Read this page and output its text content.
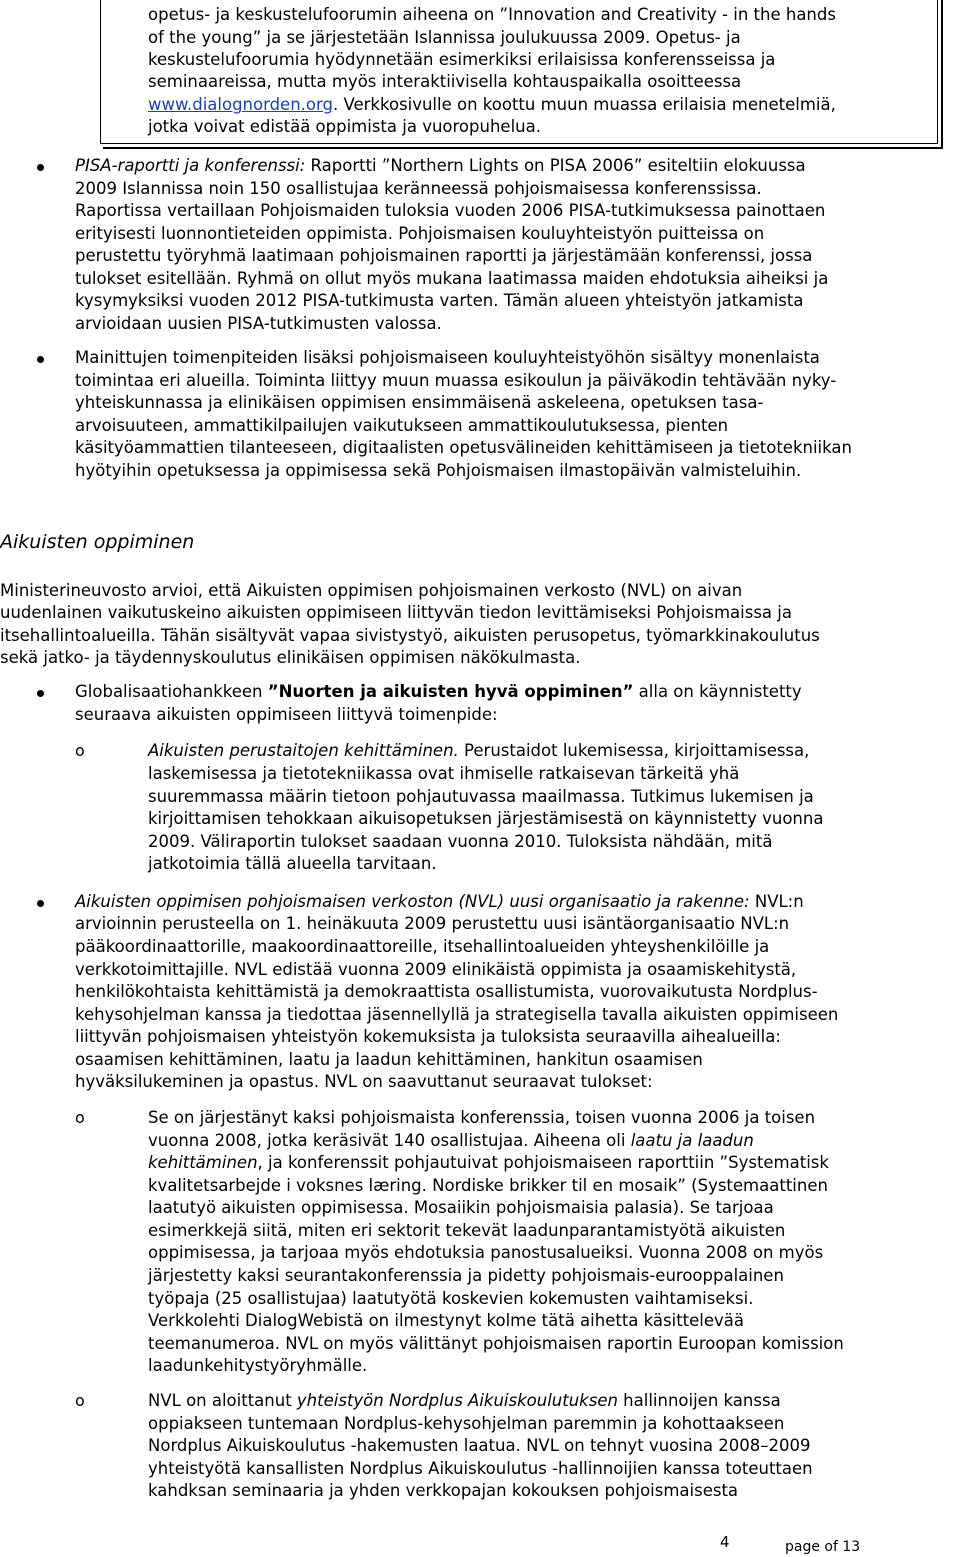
opetus- ja keskustelufoorumin aiheena on ”Innovation and Creativity - in the hands
of the young” ja se järjestetään Islannissa joulukuussa 2009. Opetus- ja
keskustelufoorumia hyödynnetään esimerkiksi erilaisissa konferensseissa ja
seminaareissa, mutta myös interaktiivisella kohtauspaikalla osoitteessa
www.dialognorden.org. Verkkosivulle on koottu muun muassa erilaisia menetelmiä,
jotka voivat edistää oppimista ja vuoropuhelua.
PISA-raportti ja konferenssi: Raportti ”Northern Lights on PISA 2006” esiteltiin elokuussa
2009 Islannissa noin 150 osallistujaa keränneessä pohjoismaisessa konferenssissa.
Raportissa vertaillaan Pohjoismaiden tuloksia vuoden 2006 PISA-tutkimuksessa painottaen
erityisesti luonnontieteiden oppimista. Pohjoismaisen kouluyhteistyön puitteissa on
perustettu työryhmä laatimaan pohjoismainen raportti ja järjestämään konferenssi, jossa
tulokset esitellään. Ryhmä on ollut myös mukana laatimassa maiden ehdotuksia aiheiksi ja
kysymyksiksi vuoden 2012 PISA-tutkimusta varten. Tämän alueen yhteistyön jatkamista
arvioidaan uusien PISA-tutkimusten valossa.
Mainittujen toimenpiteiden lisäksi pohjoismaiseen kouluyhteistyöhön sisältyy monenlaista
toimintaa eri alueilla. Toiminta liittyy muun muassa esikoulun ja päiväkodin tehtävään nyky-
yhteiskunnassa ja elinikäisen oppimisen ensimmäisenä askeleena, opetuksen tasa-
arvoisuuteen, ammattikilpailujen vaikutukseen ammattikoulutuksessa, pienten
käsityöammattien tilanteeseen, digitaalisten opetusvälineiden kehittämiseen ja tietotekniikan
hyötyihin opetuksessa ja oppimisessa sekä Pohjoismaisen ilmastopäivän valmisteluihin.
Aikuisten oppiminen
Ministerineuvosto arvioi, että Aikuisten oppimisen pohjoismainen verkosto (NVL) on aivan
uudenlainen vaikutuskeino aikuisten oppimiseen liittyvän tiedon levittämiseksi Pohjoismaissa ja
itsehallintoalueilla. Tähän sisältyvät vapaa sivistystyö, aikuisten perusopetus, työmarkkinakoulutus
sekä jatko- ja täydennyskoulutus elinikäisen oppimisen näkökulmasta.
Globalisaatiohankkeen ”Nuorten ja aikuisten hyvä oppiminen” alla on käynnistetty
seuraava aikuisten oppimiseen liittyvä toimenpide:
o	Aikuisten perustaitojen kehittäminen. Perustaidot lukemisessa, kirjoittamisessa,
laskemisessa ja tietotekniikassa ovat ihmiselle ratkaisevan tärkeitä yhä
suuremmassa määrin tietoon pohjautuvassa maailmassa. Tutkimus lukemisen ja
kirjoittamisen tehokkaan aikuisopetuksen järjestämisestä on käynnistetty vuonna
2009. Väliraportin tulokset saadaan vuonna 2010. Tuloksista nähdään, mitä
jatkotoimia tällä alueella tarvitaan.
Aikuisten oppimisen pohjoismaisen verkoston (NVL) uusi organisaatio ja rakenne: NVL:n
arvioinnin perusteella on 1. heinäkuuta 2009 perustettu uusi isäntäorganisaatio NVL:n
pääkoordinaattorille, maakoordinaattoreille, itsehallintoalueiden yhteyshenkilöille ja
verkkotoimittajille. NVL edistää vuonna 2009 elinikäistä oppimista ja osaamiskehitystä,
henkilökohtaista kehittämistä ja demokraattista osallistumista, vuorovaikutusta Nordplus-
kehysohjelman kanssa ja tiedottaa jäsennellyllä ja strategisella tavalla aikuisten oppimiseen
liittyvän pohjoismaisen yhteistyön kokemuksista ja tuloksista seuraavilla aihealueilla:
osaamisen kehittäminen, laatu ja laadun kehittäminen, hankitun osaamisen
hyväksilukeminen ja opastus. NVL on saavuttanut seuraavat tulokset:
o	Se on järjestänyt kaksi pohjoismaista konferenssia, toisen vuonna 2006 ja toisen
vuonna 2008, jotka keräsivät 140 osallistujaa. Aiheena oli laatu ja laadun
kehittäminen, ja konferenssit pohjautuivat pohjoismaiseen raporttiin ”Systematisk
kvalitetsarbejde i voksnes læring. Nordiske brikker til en mosaik” (Systemaattinen
laatutyö aikuisten oppimisessa. Mosaiikin pohjoismaisia palasia). Se tarjoaa
esimerkkejä siitä, miten eri sektorit tekevät laadunparantamistyötä aikuisten
oppimisessa, ja tarjoaa myös ehdotuksia panostusalueiksi. Vuonna 2008 on myös
järjestetty kaksi seurantakonferenssia ja pidetty pohjoismais-eurooppalainen
työpaja (25 osallistujaa) laatutyötä koskevien kokemusten vaihtamiseksi.
Verkkolehti DialogWebistä on ilmestynyt kolme tätä aihetta käsittelevää
teemanumeroa. NVL on myös välittänyt pohjoismaisen raportin Euroopan komission
laadunkehitystyöryhmälle.
o	NVL on aloittanut yhteistyön Nordplus Aikuiskoulutuksen hallinnoijen kanssa
oppiakseen tuntemaan Nordplus-kehysohjelman paremmin ja kohottaakseen
Nordplus Aikuiskoulutus -hakemusten laatua. NVL on tehnyt vuosina 2008–2009
yhteistyötä kansallisten Nordplus Aikuiskoulutus -hallinnoijien kanssa toteuttaen
kahdksan seminaaria ja yhden verkkopajan kokouksen pohjoismaisesta
4	page of 13
